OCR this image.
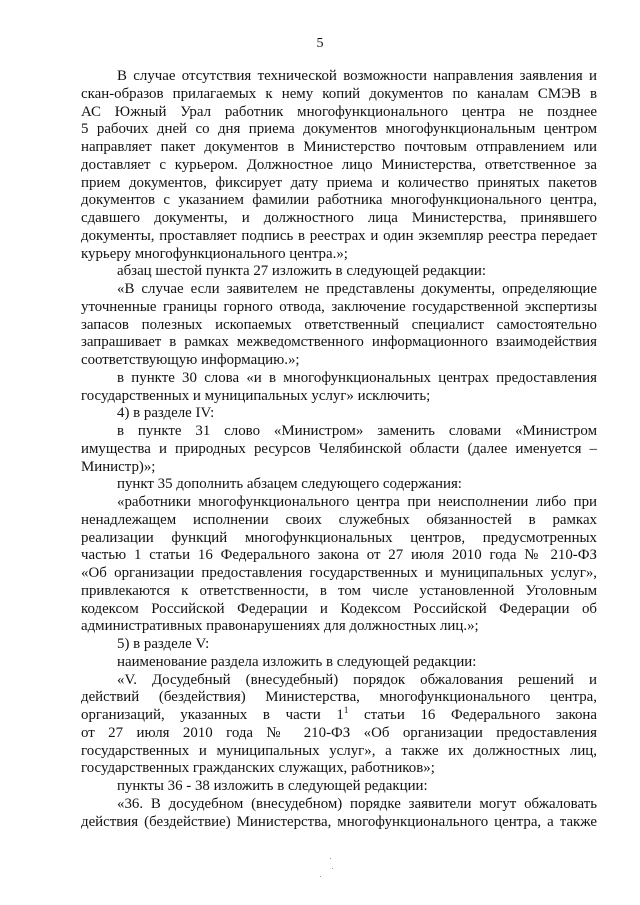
5
В случае отсутствия технической возможности направления заявления и
скан-образов прилагаемых к нему копий документов по каналам СМЭВ в
АС Южный Урал работник многофункционального центра не позднее
5 рабочих дней со дня приема документов многофункциональным центром
направляет пакет документов в Министерство почтовым отправлением или
доставляет с курьером. Должностное лицо Министерства, ответственное за
прием документов, фиксирует дату приема и количество принятых пакетов
документов с указанием фамилии работника многофункционального центра,
сдавшего документы, и должностного лица Министерства, принявшего
документы, проставляет подпись в реестрах и один экземпляр реестра передает
курьеру многофункционального центра.»;
абзац шестой пункта 27 изложить в следующей редакции:
«В случае если заявителем не представлены документы, определяющие
уточненные границы горного отвода, заключение государственной экспертизы
запасов полезных ископаемых ответственный специалист самостоятельно
запрашивает в рамках межведомственного информационного взаимодействия
соответствующую информацию.»;
в пункте 30 слова «и в многофункциональных центрах предоставления
государственных и муниципальных услуг» исключить;
4) в разделе IV:
в пункте 31 слово «Министром» заменить словами «Министром
имущества и природных ресурсов Челябинской области (далее именуется –
Министр)»;
пункт 35 дополнить абзацем следующего содержания:
«работники многофункционального центра при неисполнении либо при
ненадлежащем исполнении своих служебных обязанностей в рамках
реализации функций многофункциональных центров, предусмотренных
частью 1 статьи 16 Федерального закона от 27 июля 2010 года № 210-ФЗ
«Об организации предоставления государственных и муниципальных услуг»,
привлекаются к ответственности, в том числе установленной Уголовным
кодексом Российской Федерации и Кодексом Российской Федерации об
административных правонарушениях для должностных лиц.»;
5) в разделе V:
наименование раздела изложить в следующей редакции:
«V. Досудебный (внесудебный) порядок обжалования решений и
действий (бездействия) Министерства, многофункционального центра,
организаций, указанных в части $1^1$ статьи 16 Федерального закона
от 27 июля 2010 года № 210-ФЗ «Об организации предоставления
государственных и муниципальных услуг», а также их должностных лиц,
государственных гражданских служащих, работников»;
пункты 36 - 38 изложить в следующей редакции:
«36. В досудебном (внесудебном) порядке заявители могут обжаловать
действия (бездействие) Министерства, многофункционального центра, а также
